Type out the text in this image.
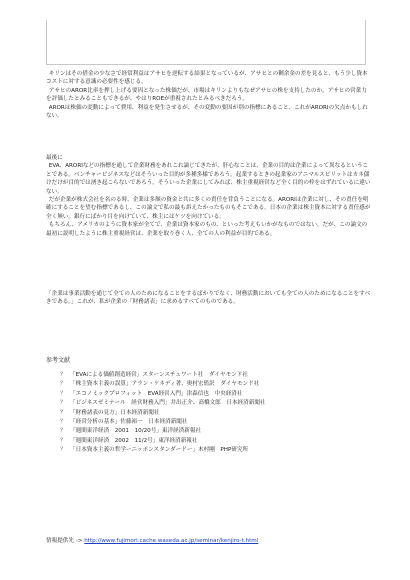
キリンはその借金の少なさで経常利益はアサヒを逆転する結果となっているが、アサヒとの剰余金の差を見ると、もう少し資本コストに対する意識の必要性を感じる。

アサヒのAROR比率を押し上げる要因となった株価だが、市場はキリンよりもなぜアサヒの株を支持したのか。アサヒの営業力を評価したとみることもできるが、やはりROEが重視されたとみるべきだろう。

ARORは株価の変動によって費用、利益を発生させるが、その変動の要因が別の指標にあること、これがARORIの欠点かもしれない。

最後に

EVA、ARORIなどの指標を通して企業財務をあれこれ論じてきたが、肝心なことは、企業の目的は企業によって異なるということである。ベンチャービジネスなどはそういった目的が多種多様であろう。起業するときの起業家のアニマルスピリットはカネ儲けだけが目的では湧き起こらないであろう。そういった企業にしてみれば、株主重視経営など全く目的の枠をはずれているに違いない。

だが企業が株式会社を名のる時、企業は多額の資金と共に多くの責任を背負うことになる。ARORIは企業に対し、その責任を明確にすることを望む指標であるし、この論文で私の最も訴えたかったものもそこである。日本の企業は株主資本に対する責任感が全く無い。銀行にばかり目を向けていて、株主にはケツを向けている。

もちろん、アメリカのように資本家が全てで、企業は資本家のもの、といった考えもいかがなものではない。だが、この論文の最初に説明したように株主重視経営は、企業を取り巻く人、全ての人の利益が目的である。

「企業は事業活動を通じて全ての人のためになることをするばかりでなく、財務活動においても全ての人のためになることをすべきである。」これが、私が企業の「財務諸表」に求めるすべてのものである。

参考文献

？ 「EVAによる価値創造経営」スターンスチュワート社　ダイヤモンド社
？ 「株主資本主義の誤算」アラン・ケネディ著、奥村宏監訳　ダイヤモンド社
？ 「エコノミックプロフィット　EVA経営入門」津森信也　中央経済社
？ 「ビジネスゼミナール　経営財務入門」井出正介、高橋文郎　日本経済新聞社
？ 「財務諸表の見方」日本経済新聞社
？ 「経営分析の基本」佐藤裕一　日本経済新聞社
？ 「週間東洋経済　2001　10/20号」東洋経済新報社
？ 「週間東洋経済　2002　11/2号」東洋経済新報社
？ 「日本資本主義の哲学ーニッポンスタンダードー」木村剛　PHP研究所
情報提供先 -> http://www.fujimori.cache.waseda.ac.jp/seminar/kenjiro-t.html
